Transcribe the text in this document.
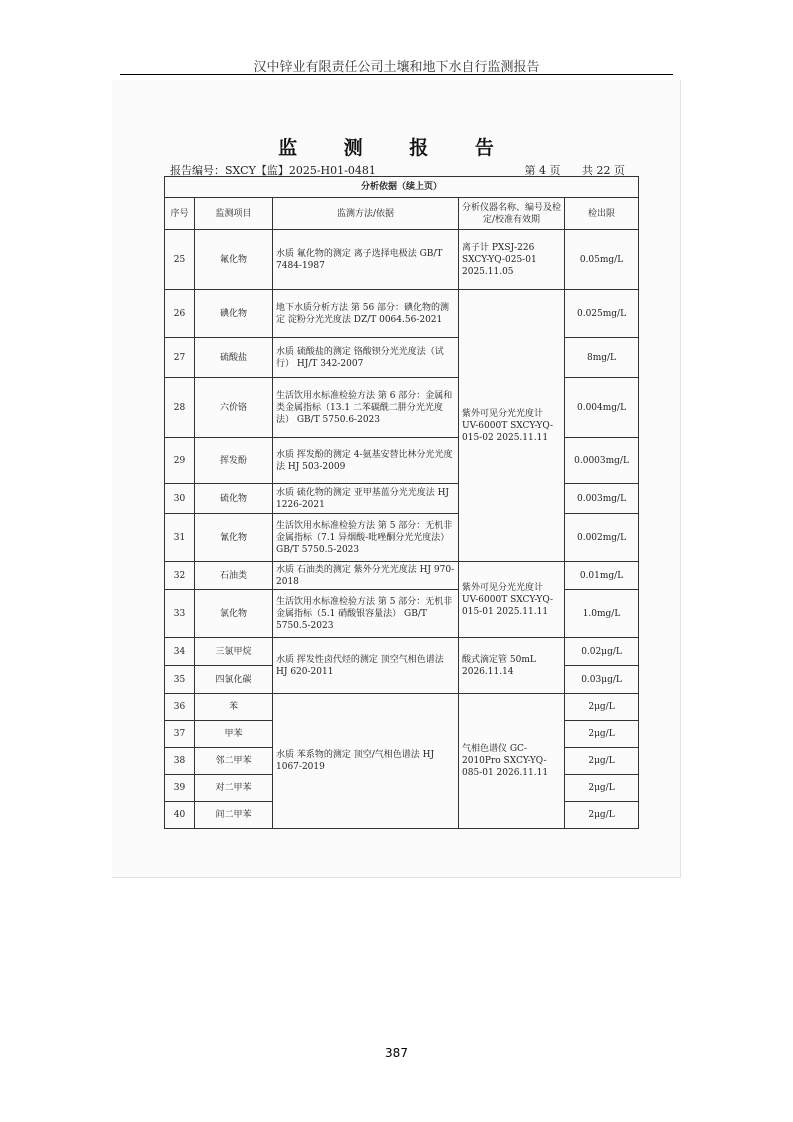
汉中锌业有限责任公司土壤和地下水自行监测报告
监 测 报 告
报告编号：SXCY【监】2025-H01-0481	第 4 页 共 22 页
分析依据（续上页）				
序号	监测项目	监测方法/依据	分析仪器名称、编号及检定/校准有效期	检出限
25	氟化物	水质 氟化物的测定 离子选择电极法 GB/T 7484-1987	离子计 PXSJ-226 SXCY-YQ-025-01 2025.11.05	0.05mg/L
26	碘化物	地下水质分析方法 第 56 部分：碘化物的测定 淀粉分光光度法 DZ/T 0064.56-2021	紫外可见分光光度计 UV-6000T SXCY-YQ-015-02 2025.11.11	0.025mg/L
27	硫酸盐	水质 硫酸盐的测定 铬酸钡分光光度法（试行） HJ/T 342-2007		8mg/L
28	六价铬	生活饮用水标准检验方法 第 6 部分：金属和类金属指标（13.1 二苯碳酰二肼分光光度法） GB/T 5750.6-2023		0.004mg/L
29	挥发酚	水质 挥发酚的测定 4-氨基安替比林分光光度法 HJ 503-2009		0.0003mg/L
30	硫化物	水质 硫化物的测定 亚甲基蓝分光光度法 HJ 1226-2021		0.003mg/L
31	氰化物	生活饮用水标准检验方法 第 5 部分：无机非金属指标（7.1 异烟酸-吡唑酮分光光度法） GB/T 5750.5-2023		0.002mg/L
32	石油类	水质 石油类的测定 紫外分光光度法 HJ 970-2018	紫外可见分光光度计 UV-6000T SXCY-YQ-015-01 2025.11.11	0.01mg/L
33	氯化物	生活饮用水标准检验方法 第 5 部分：无机非金属指标（5.1 硝酸银容量法） GB/T 5750.5-2023		1.0mg/L
34	三氯甲烷	水质 挥发性卤代烃的测定 顶空气相色谱法 HJ 620-2011	酸式滴定管 50mL 2026.11.14	0.02μg/L
35	四氯化碳			0.03μg/L
36	苯	水质 苯系物的测定 顶空/气相色谱法 HJ 1067-2019	气相色谱仪 GC-2010Pro SXCY-YQ-085-01 2026.11.11	2μg/L
37	甲苯			2μg/L
38	邻二甲苯			2μg/L
39	对二甲苯			2μg/L
40	间二甲苯			2μg/L
387
